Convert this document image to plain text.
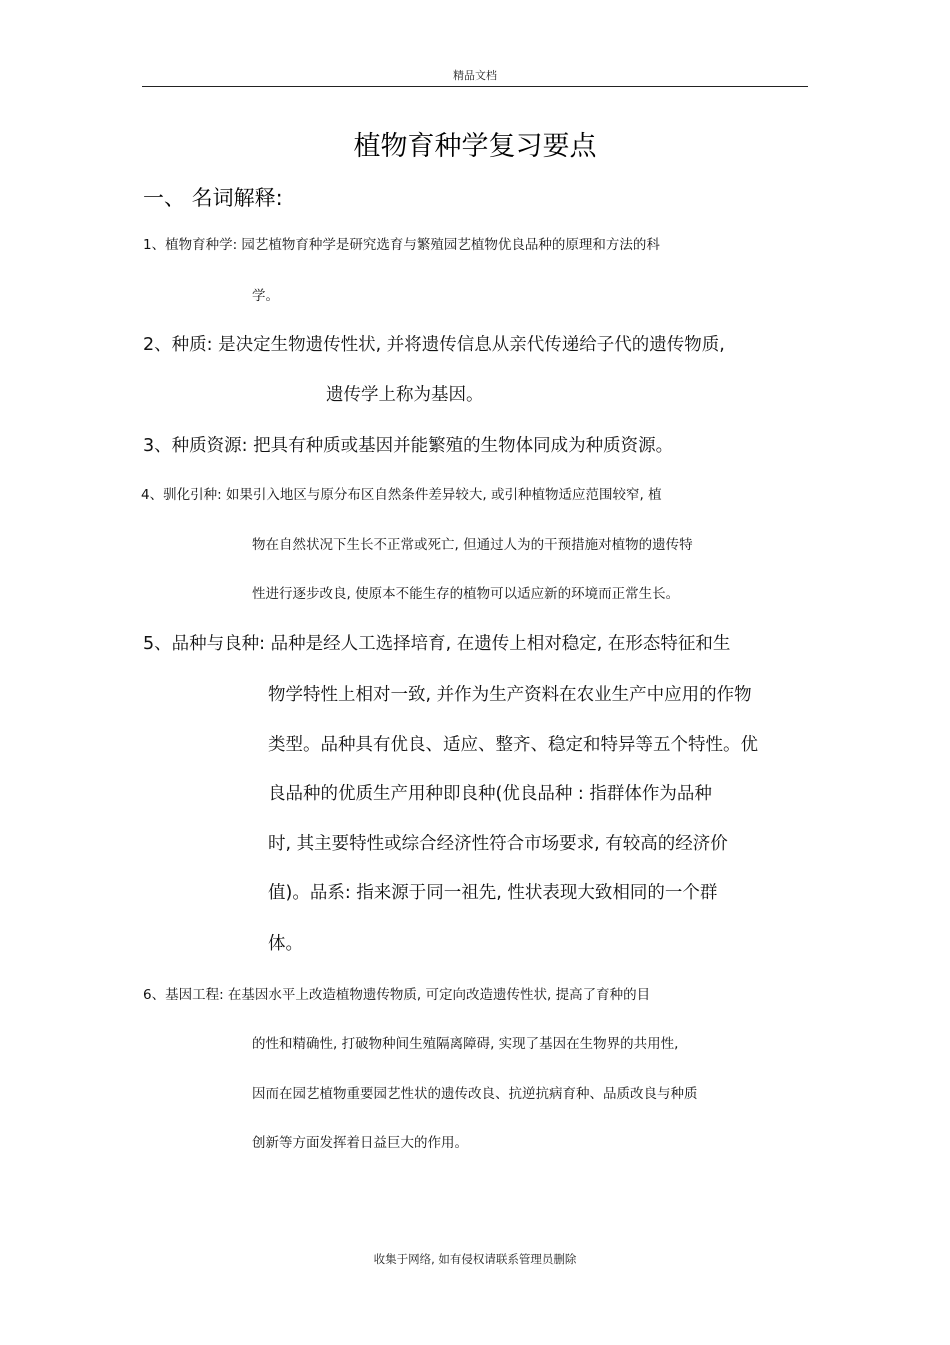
精品文档
植物育种学复习要点
一、 名词解释:
1、植物育种学: 园艺植物育种学是研究选育与繁殖园艺植物优良品种的原理和方法的科
学。
2、种质: 是决定生物遗传性状, 并将遗传信息从亲代传递给子代的遗传物质,
遗传学上称为基因。
3、种质资源: 把具有种质或基因并能繁殖的生物体同成为种质资源。
4、驯化引种: 如果引入地区与原分布区自然条件差异较大, 或引种植物适应范围较窄, 植
物在自然状况下生长不正常或死亡, 但通过人为的干预措施对植物的遗传特
性进行逐步改良, 使原本不能生存的植物可以适应新的环境而正常生长。
5、品种与良种: 品种是经人工选择培育, 在遗传上相对稳定, 在形态特征和生
物学特性上相对一致, 并作为生产资料在农业生产中应用的作物
类型。品种具有优良、适应、整齐、稳定和特异等五个特性。优
良品种的优质生产用种即良种(优良品种 : 指群体作为品种
时, 其主要特性或综合经济性符合市场要求, 有较高的经济价
值)。品系: 指来源于同一祖先, 性状表现大致相同的一个群
体。
6、基因工程: 在基因水平上改造植物遗传物质, 可定向改造遗传性状, 提高了育种的目
的性和精确性, 打破物种间生殖隔离障碍, 实现了基因在生物界的共用性,
因而在园艺植物重要园艺性状的遗传改良、抗逆抗病育种、品质改良与种质
创新等方面发挥着日益巨大的作用。
收集于网络, 如有侵权请联系管理员删除
